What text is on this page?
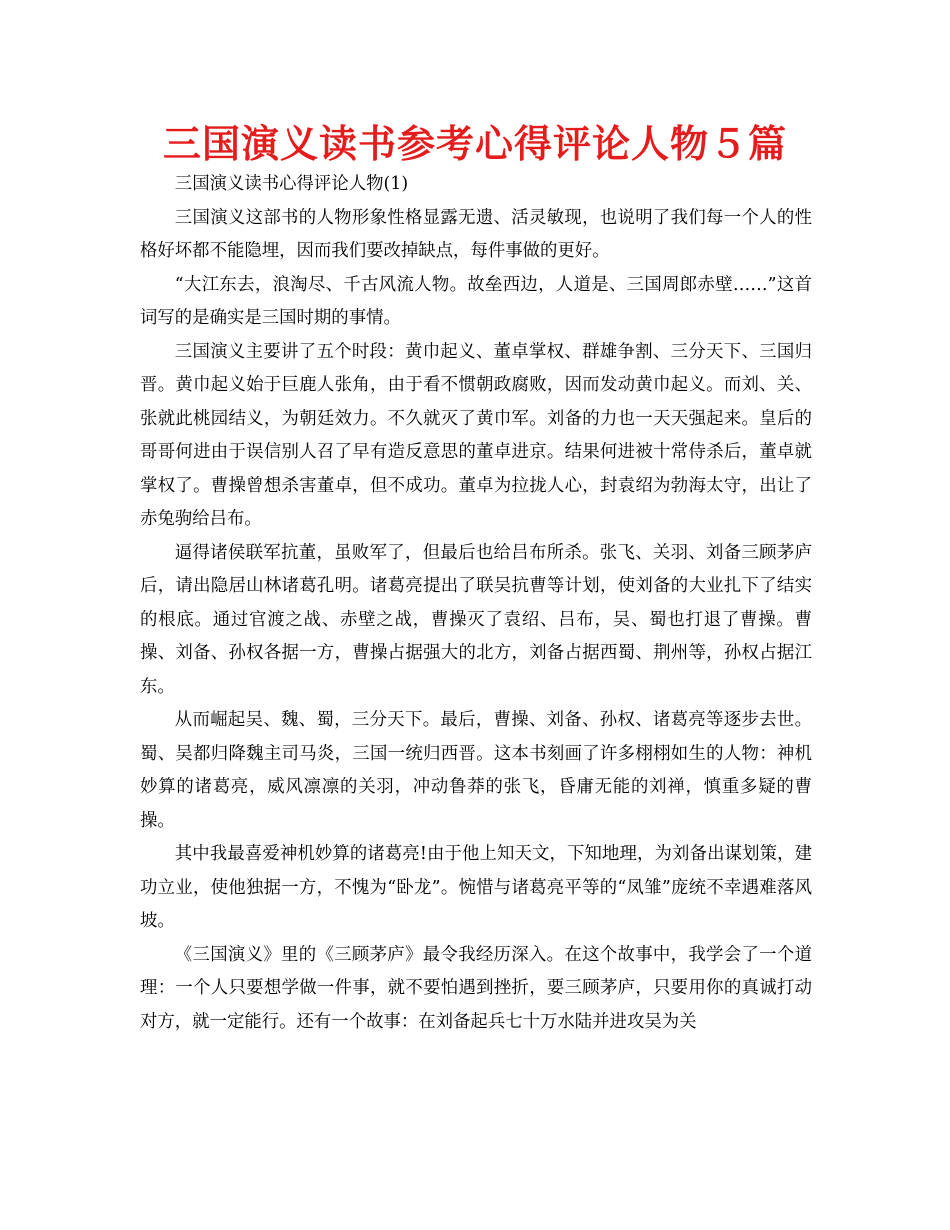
三国演义读书参考心得评论人物５篇

三国演义读书心得评论人物(1)

三国演义这部书的人物形象性格显露无遗、活灵敏现，也说明了我们每一个人的性格好坏都不能隐埋，因而我们要改掉缺点，每件事做的更好。

“大江东去，浪淘尽、千古风流人物。故垒西边，人道是、三国周郎赤壁……”这首词写的是确实是三国时期的事情。

三国演义主要讲了五个时段：黄巾起义、董卓掌权、群雄争割、三分天下、三国归晋。黄巾起义始于巨鹿人张角，由于看不惯朝政腐败，因而发动黄巾起义。而刘、关、张就此桃园结义，为朝廷效力。不久就灭了黄巾军。刘备的力也一天天强起来。皇后的哥哥何进由于误信别人召了早有造反意思的董卓进京。结果何进被十常侍杀后，董卓就掌权了。曹操曾想杀害董卓，但不成功。董卓为拉拢人心，封袁绍为勃海太守，出让了赤兔驹给吕布。

逼得诸侯联军抗董，虽败军了，但最后也给吕布所杀。张飞、关羽、刘备三顾茅庐后，请出隐居山林诸葛孔明。诸葛亮提出了联吴抗曹等计划，使刘备的大业扎下了结实的根底。通过官渡之战、赤壁之战，曹操灭了袁绍、吕布，吴、蜀也打退了曹操。曹操、刘备、孙权各据一方，曹操占据强大的北方，刘备占据西蜀、荆州等，孙权占据江东。

从而崛起吴、魏、蜀，三分天下。最后，曹操、刘备、孙权、诸葛亮等逐步去世。蜀、吴都归降魏主司马炎，三国一统归西晋。这本书刻画了许多栩栩如生的人物：神机妙算的诸葛亮，威风凛凛的关羽，冲动鲁莽的张飞，昏庸无能的刘禅，慎重多疑的曹操。

其中我最喜爱神机妙算的诸葛亮!由于他上知天文，下知地理，为刘备出谋划策，建功立业，使他独据一方，不愧为“卧龙”。惋惜与诸葛亮平等的“凤雏”庞统不幸遇难落风坡。

《三国演义》里的《三顾茅庐》最令我经历深入。在这个故事中，我学会了一个道理：一个人只要想学做一件事，就不要怕遇到挫折，要三顾茅庐，只要用你的真诚打动对方，就一定能行。还有一个故事：在刘备起兵七十万水陆并进攻吴为关
